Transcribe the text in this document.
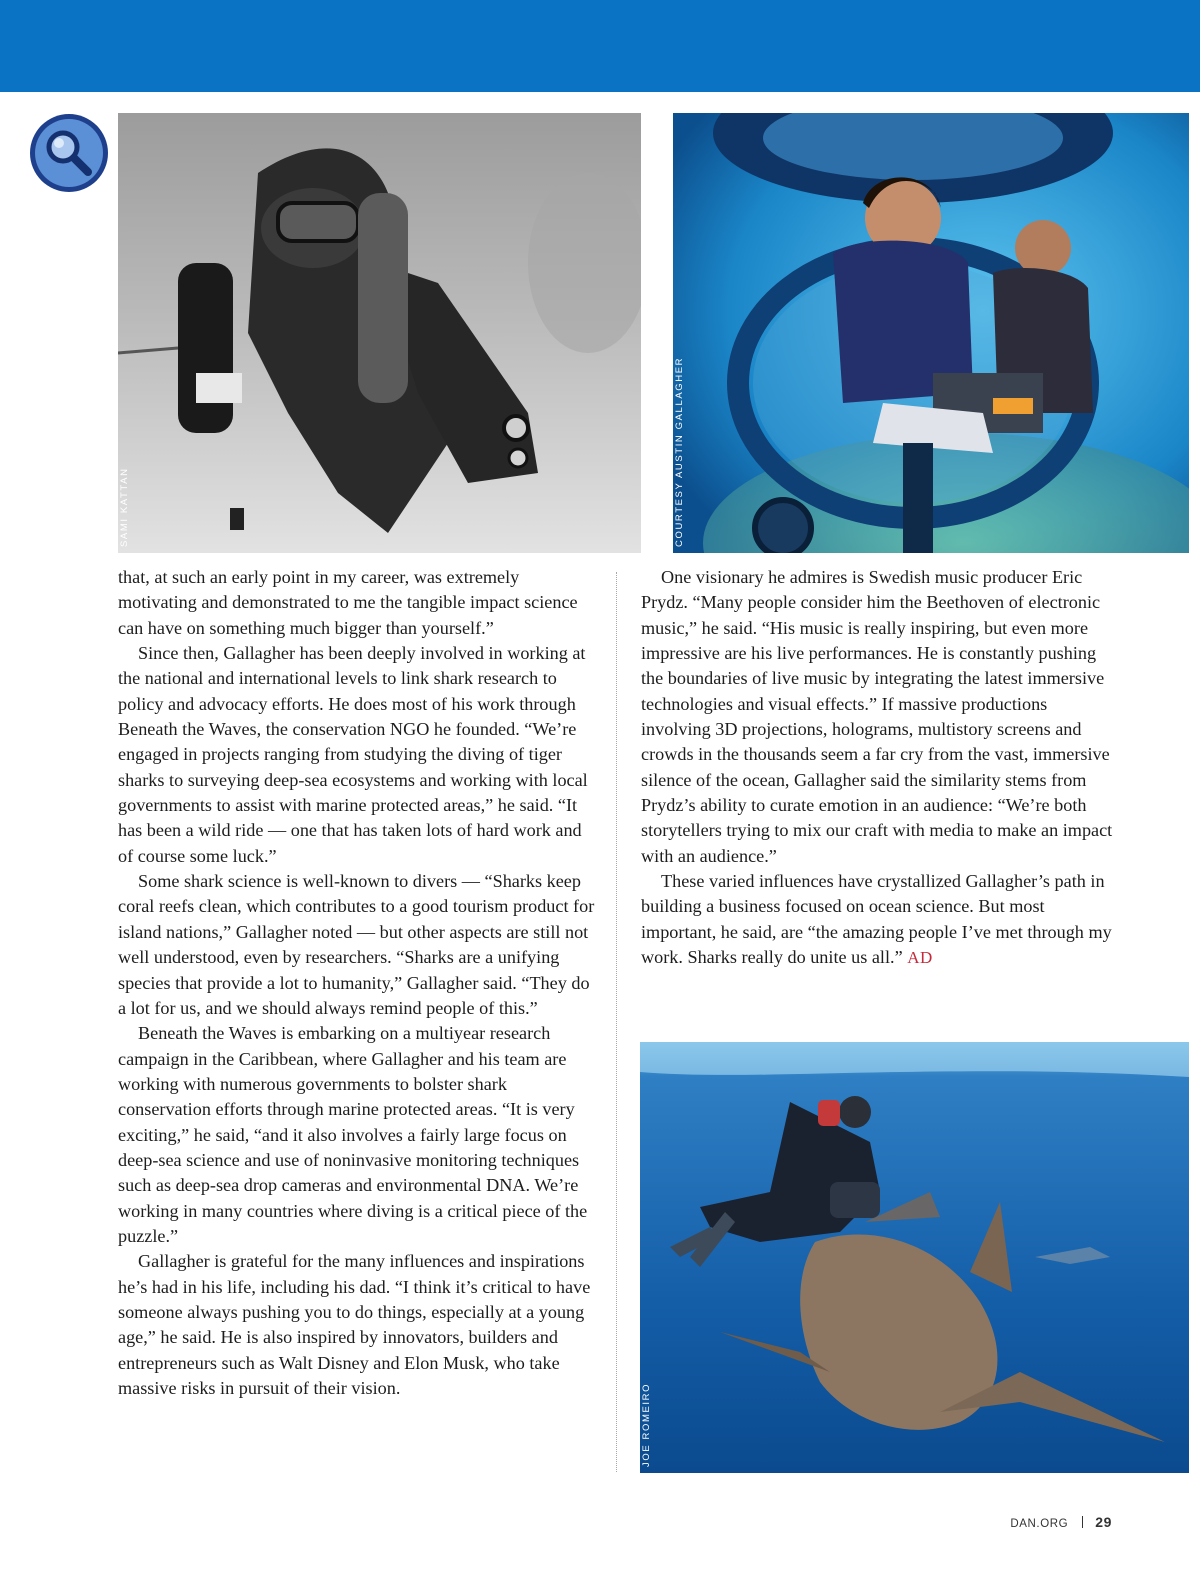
that, at such an early point in my career, was extremely motivating and demonstrated to me the tangible impact science can have on something much bigger than yourself.”

Since then, Gallagher has been deeply involved in working at the national and international levels to link shark research to policy and advocacy efforts. He does most of his work through Beneath the Waves, the conservation NGO he founded. “We’re engaged in projects ranging from studying the diving of tiger sharks to surveying deep-sea ecosystems and working with local governments to assist with marine protected areas,” he said. “It has been a wild ride — one that has taken lots of hard work and of course some luck.”

Some shark science is well-known to divers — “Sharks keep coral reefs clean, which contributes to a good tourism product for island nations,” Gallagher noted — but other aspects are still not well understood, even by researchers. “Sharks are a unifying species that provide a lot to humanity,” Gallagher said. “They do a lot for us, and we should always remind people of this.”

Beneath the Waves is embarking on a multiyear research campaign in the Caribbean, where Gallagher and his team are working with numerous governments to bolster shark conservation efforts through marine protected areas. “It is very exciting,” he said, “and it also involves a fairly large focus on deep-sea science and use of noninvasive monitoring techniques such as deep-sea drop cameras and environmental DNA. We’re working in many countries where diving is a critical piece of the puzzle.”

Gallagher is grateful for the many influences and inspirations he’s had in his life, including his dad. “I think it’s critical to have someone always pushing you to do things, especially at a young age,” he said. He is also inspired by innovators, builders and entrepreneurs such as Walt Disney and Elon Musk, who take massive risks in pursuit of their vision.

One visionary he admires is Swedish music producer Eric Prydz. “Many people consider him the Beethoven of electronic music,” he said. “His music is really inspiring, but even more impressive are his live performances. He is constantly pushing the boundaries of live music by integrating the latest immersive technologies and visual effects.” If massive productions involving 3D projections, holograms, multistory screens and crowds in the thousands seem a far cry from the vast, immersive silence of the ocean, Gallagher said the similarity stems from Prydz’s ability to curate emotion in an audience: “We’re both storytellers trying to mix our craft with media to make an impact with an audience.”

These varied influences have crystallized Gallagher’s path in building a business focused on ocean science. But most important, he said, are “the amazing people I’ve met through my work. Sharks really do unite us all.” AD

DAN.ORG 29
